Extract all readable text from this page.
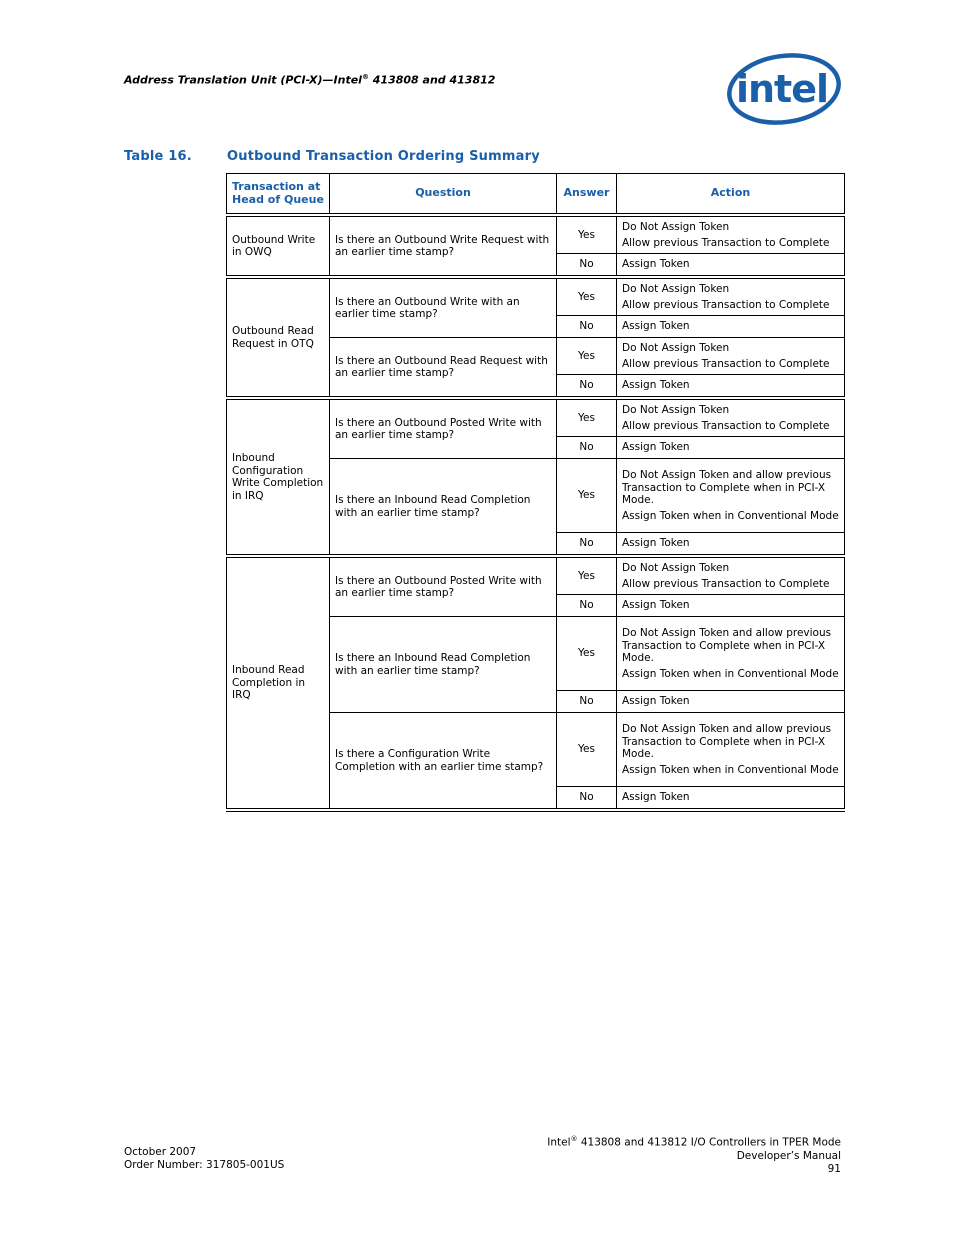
Address Translation Unit (PCI-X)—Intel® 413808 and 413812	intel
Table 16.	Outbound Transaction Ordering Summary
Transaction at Head of Queue	Question	Answer	Action
Outbound Write in OWQ	Is there an Outbound Write Request with an earlier time stamp?	Yes	Do Not Assign Token
Allow previous Transaction to Complete

		No	Assign Token

Outbound Read Request in OTQ	Is there an Outbound Write with an earlier time stamp?	Yes	Do Not Assign Token
Allow previous Transaction to Complete

		No	Assign Token

	Is there an Outbound Read Request with an earlier time stamp?	Yes	Do Not Assign Token
Allow previous Transaction to Complete

		No	Assign Token

Inbound Configuration Write Completion in IRQ	Is there an Outbound Posted Write with an earlier time stamp?	Yes	Do Not Assign Token
Allow previous Transaction to Complete

		No	Assign Token

	Is there an Inbound Read Completion with an earlier time stamp?	Yes	Do Not Assign Token and allow previous Transaction to Complete when in PCI-X Mode.
Assign Token when in Conventional Mode

		No	Assign Token

Inbound Read Completion in IRQ	Is there an Outbound Posted Write with an earlier time stamp?	Yes	Do Not Assign Token
Allow previous Transaction to Complete

		No	Assign Token

	Is there an Inbound Read Completion with an earlier time stamp?	Yes	Do Not Assign Token and allow previous Transaction to Complete when in PCI-X Mode.
Assign Token when in Conventional Mode

		No	Assign Token

	Is there a Configuration Write Completion with an earlier time stamp?	Yes	Do Not Assign Token and allow previous Transaction to Complete when in PCI-X Mode.
Assign Token when in Conventional Mode

		No	Assign Token
October 2007
Order Number: 317805-001US
Intel® 413808 and 413812 I/O Controllers in TPER Mode
Developer’s Manual
91
